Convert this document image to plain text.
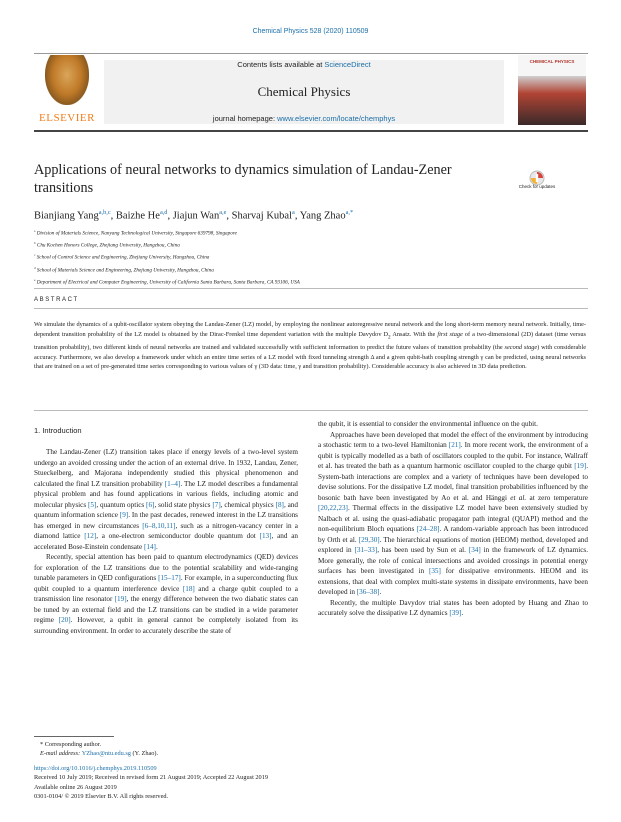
Chemical Physics 528 (2020) 110509
ELSEVIER
Contents lists available at ScienceDirect
Chemical Physics
journal homepage: www.elsevier.com/locate/chemphys
CHEMICAL PHYSICS
Applications of neural networks to dynamics simulation of Landau-Zener transitions	Check for updates
Bianjiang Yang$^{a,b,c}$, Baizhe He$^{a,d}$, Jiajun Wan$^{a,e}$, Sharvaj Kubal$^a$, Yang Zhao$^{a,*}$
$^a$ Division of Materials Science, Nanyang Technological University, Singapore 639798, Singapore
$^b$ Chu Kochen Honors College, Zhejiang University, Hangzhou, China
$^c$ School of Control Science and Engineering, Zhejiang University, Hangzhou, China
$^d$ School of Materials Science and Engineering, Zhejiang University, Hangzhou, China
$^e$ Department of Electrical and Computer Engineering, University of California Santa Barbara, Santa Barbara, CA 93106, USA
ABSTRACT
We simulate the dynamics of a qubit-oscillator system obeying the Landau-Zener (LZ) model, by employing the nonlinear autoregressive neural network and the long short-term memory neural network. Initially, time-dependent transition probability of the LZ model is obtained by the Dirac-Frenkel time dependent variation with the multiple Davydov $D_2$ Ansatz. With the first stage of a two-dimensional (2D) dataset (time versus transition probability), two different kinds of neural networks are trained and validated successfully with sufficient information to predict the future values of transition probability (the second stage) with considerable accuracy. Furthermore, we also develop a framework under which an entire time series of a LZ model with fixed tunneling strength Δ and a given qubit-bath coupling strength γ can be predicted, using neural networks that are trained on a set of pre-generated time series corresponding to various values of γ (3D data: time, γ and transition probability). Considerable accuracy is also achieved in 3D data prediction.
1. Introduction

The Landau-Zener (LZ) transition takes place if energy levels of a two-level system undergo an avoided crossing under the action of an external drive. In 1932, Landau, Zener, Stueckelberg, and Majorana independently studied this physical phenomenon and calculated the final LZ transition probability [1–4]. The LZ model describes a fundamental physical problem and has found applications in various fields, including atomic and molecular physics [5], quantum optics [6], solid state physics [7], chemical physics [8], and quantum information science [9]. In the past decades, renewed interest in the LZ transitions has emerged in new circumstances [6–8,10,11], such as a nitrogen-vacancy center in a diamond lattice [12], a one-electron semiconductor double quantum dot [13], and an accelerated Bose-Einstein condensate [14].

Recently, special attention has been paid to quantum electrodynamics (QED) devices for exploration of the LZ transitions due to the potential scalability and wide-ranging tunable parameters in QED configurations [15–17]. For example, in a superconducting flux qubit coupled to a quantum interference device [18] and a charge qubit coupled to a transmission line resonator [19], the energy difference between the two diabatic states can be tuned by an external field and the LZ transitions can be studied in a wide parameter regime [20]. However, a qubit in general cannot be completely isolated from its surrounding environment. In order to accurately describe the state of

the qubit, it is essential to consider the environmental influence on the qubit.

Approaches have been developed that model the effect of the environment by introducing a stochastic term to a two-level Hamiltonian [21]. In more recent work, the environment of a qubit is typically modelled as a bath of oscillators coupled to the qubit. For instance, Wallraff et al. has treated the bath as a quantum harmonic oscillator coupled to the charge qubit [19]. System-bath interactions are complex and a variety of techniques have been developed to devise solutions. For the dissipative LZ model, final transition probabilities influenced by the bosonic bath have been investigated by Ao et al. and Hänggi et al. at zero temperature [20,22,23]. Thermal effects in the dissipative LZ model have been extensively studied by Nalbach et al. using the quasi-adiabatic propagator path integral (QUAPI) method and the non-equilibrium Bloch equations [24–28]. A random-variable approach has been introduced by Orth et al. [29,30]. The hierarchical equations of motion (HEOM) method, developed and explored in [31–33], has been used by Sun et al. [34] in the framework of LZ dynamics. More generally, the role of conical intersections and avoided crossings in potential energy surfaces has been investigated in [35] for dissipative environments. HEOM and its extensions, that deal with complex multi-state systems in dissipate environments, have been developed in [36–38].

Recently, the multiple Davydov trial states has been adopted by Huang and Zhao to accurately solve the dissipative LZ dynamics [39].

* Corresponding author.
E-mail address: YZhao@ntu.edu.sg (Y. Zhao).
https://doi.org/10.1016/j.chemphys.2019.110509
Received 10 July 2019; Received in revised form 21 August 2019; Accepted 22 August 2019
Available online 26 August 2019
0301-0104/ © 2019 Elsevier B.V. All rights reserved.
